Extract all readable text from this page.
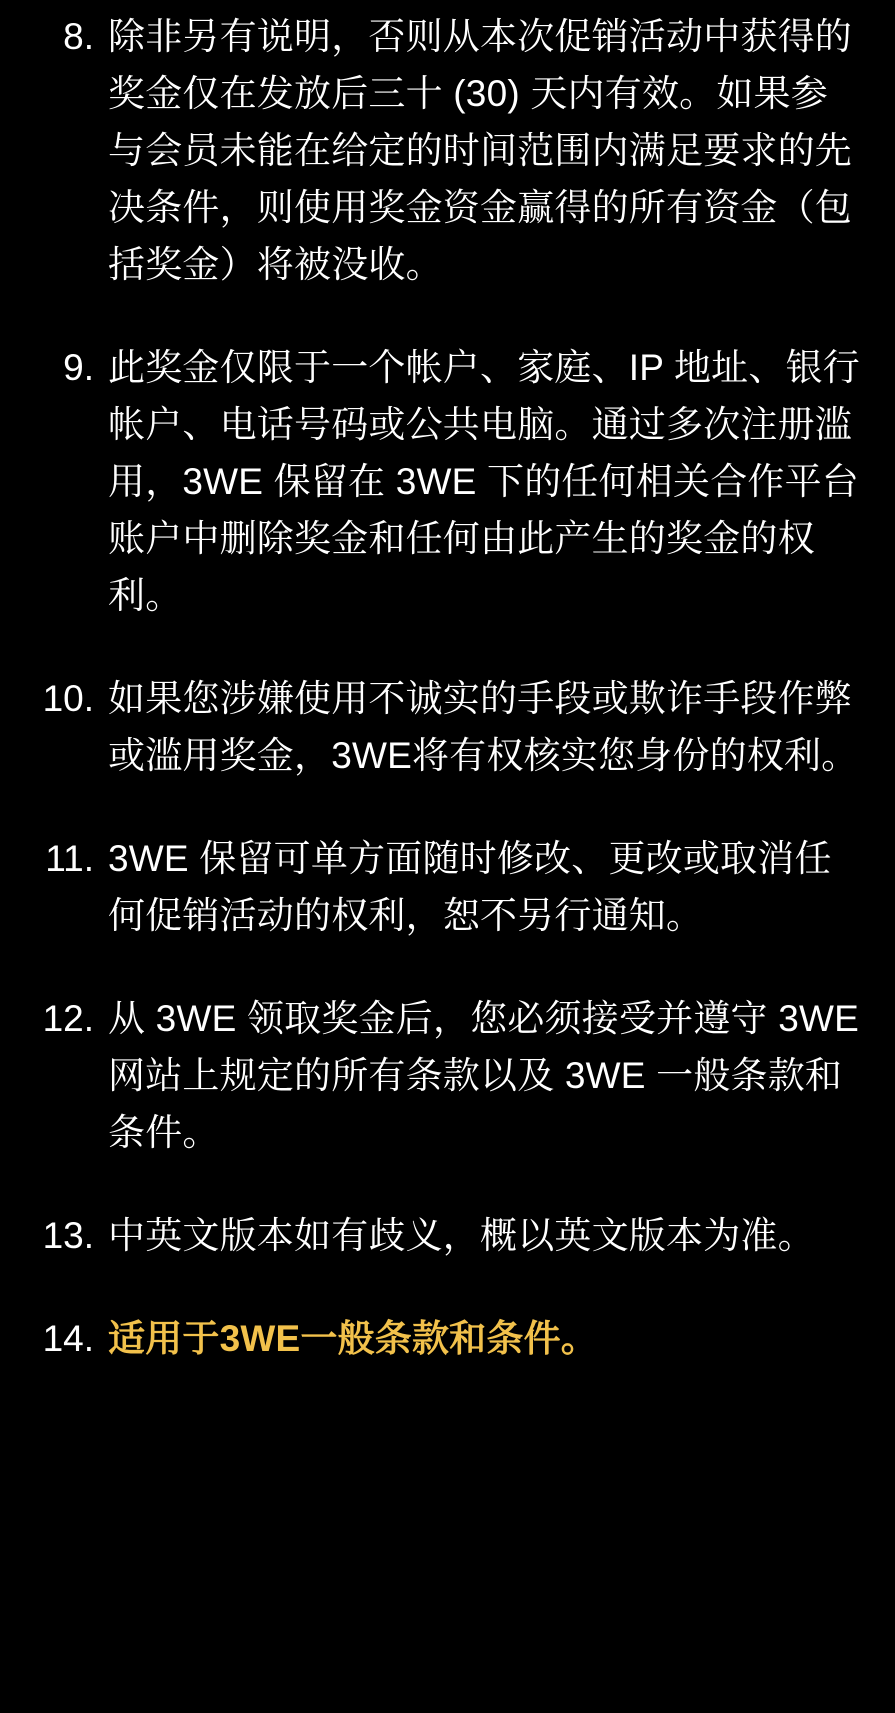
8. 除非另有说明，否则从本次促销活动中获得的奖金仅在发放后三十 (30) 天内有效。如果参与会员未能在给定的时间范围内满足要求的先决条件，则使用奖金资金赢得的所有资金（包括奖金）将被没收。
9. 此奖金仅限于一个帐户、家庭、IP 地址、银行帐户、电话号码或公共电脑。通过多次注册滥用，3WE 保留在 3WE 下的任何相关合作平台账户中删除奖金和任何由此产生的奖金的权利。
10. 如果您涉嫌使用不诚实的手段或欺诈手段作弊或滥用奖金，3WE将有权核实您身份的权利。
11. 3WE 保留可单方面随时修改、更改或取消任何促销活动的权利，恕不另行通知。
12. 从 3WE 领取奖金后，您必须接受并遵守 3WE 网站上规定的所有条款以及 3WE 一般条款和条件。
13. 中英文版本如有歧义，概以英文版本为准。
14. 适用于3WE一般条款和条件。
